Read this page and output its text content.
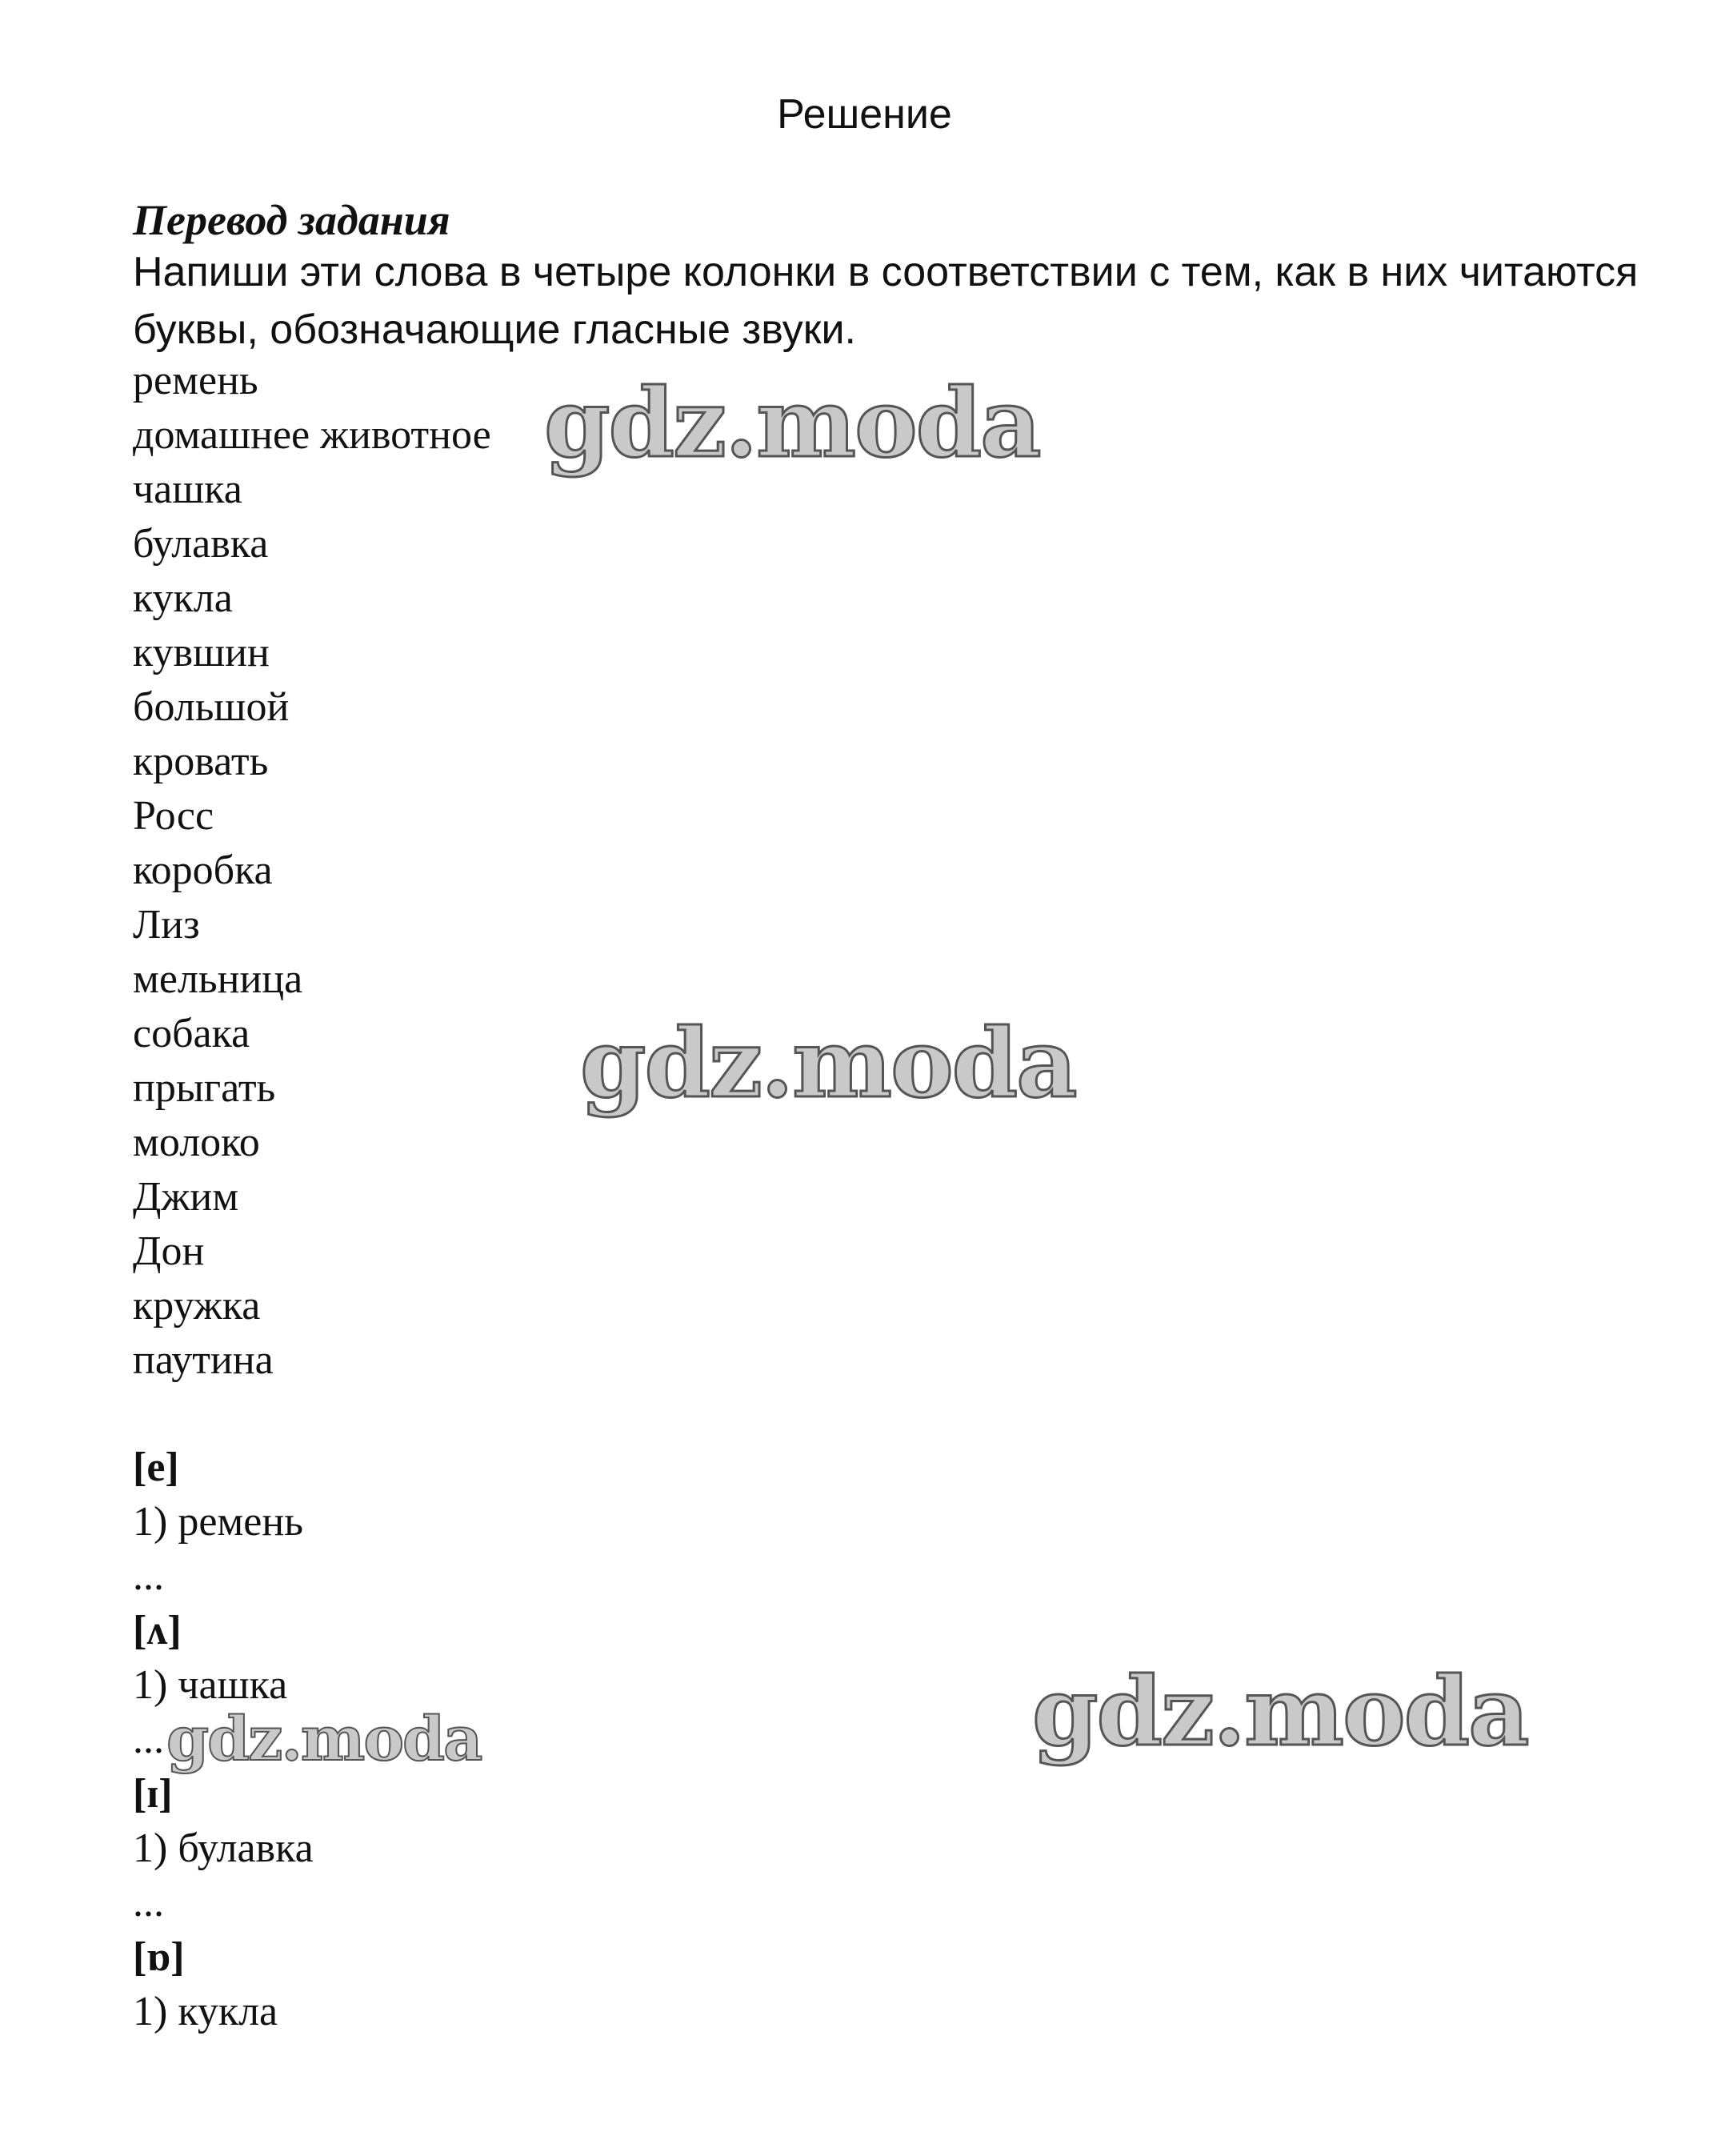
Решение
Перевод задания

Напиши эти слова в четыре колонки в соответствии с тем, как в них читаются буквы, обозначающие гласные звуки.

ремень
домашнее животное
чашка
булавка
кукла
кувшин
большой
кровать
Росс
коробка
Лиз
мельница
собака
прыгать
молоко
Джим
Дон
кружка
паутина
[e]
1) ремень
...
[ʌ]
1) чашка
...
[ɪ]
1) булавка
...
[ɒ]
1) кукла
gdz.moda
gdz.moda
gdz.moda
gdz.moda
